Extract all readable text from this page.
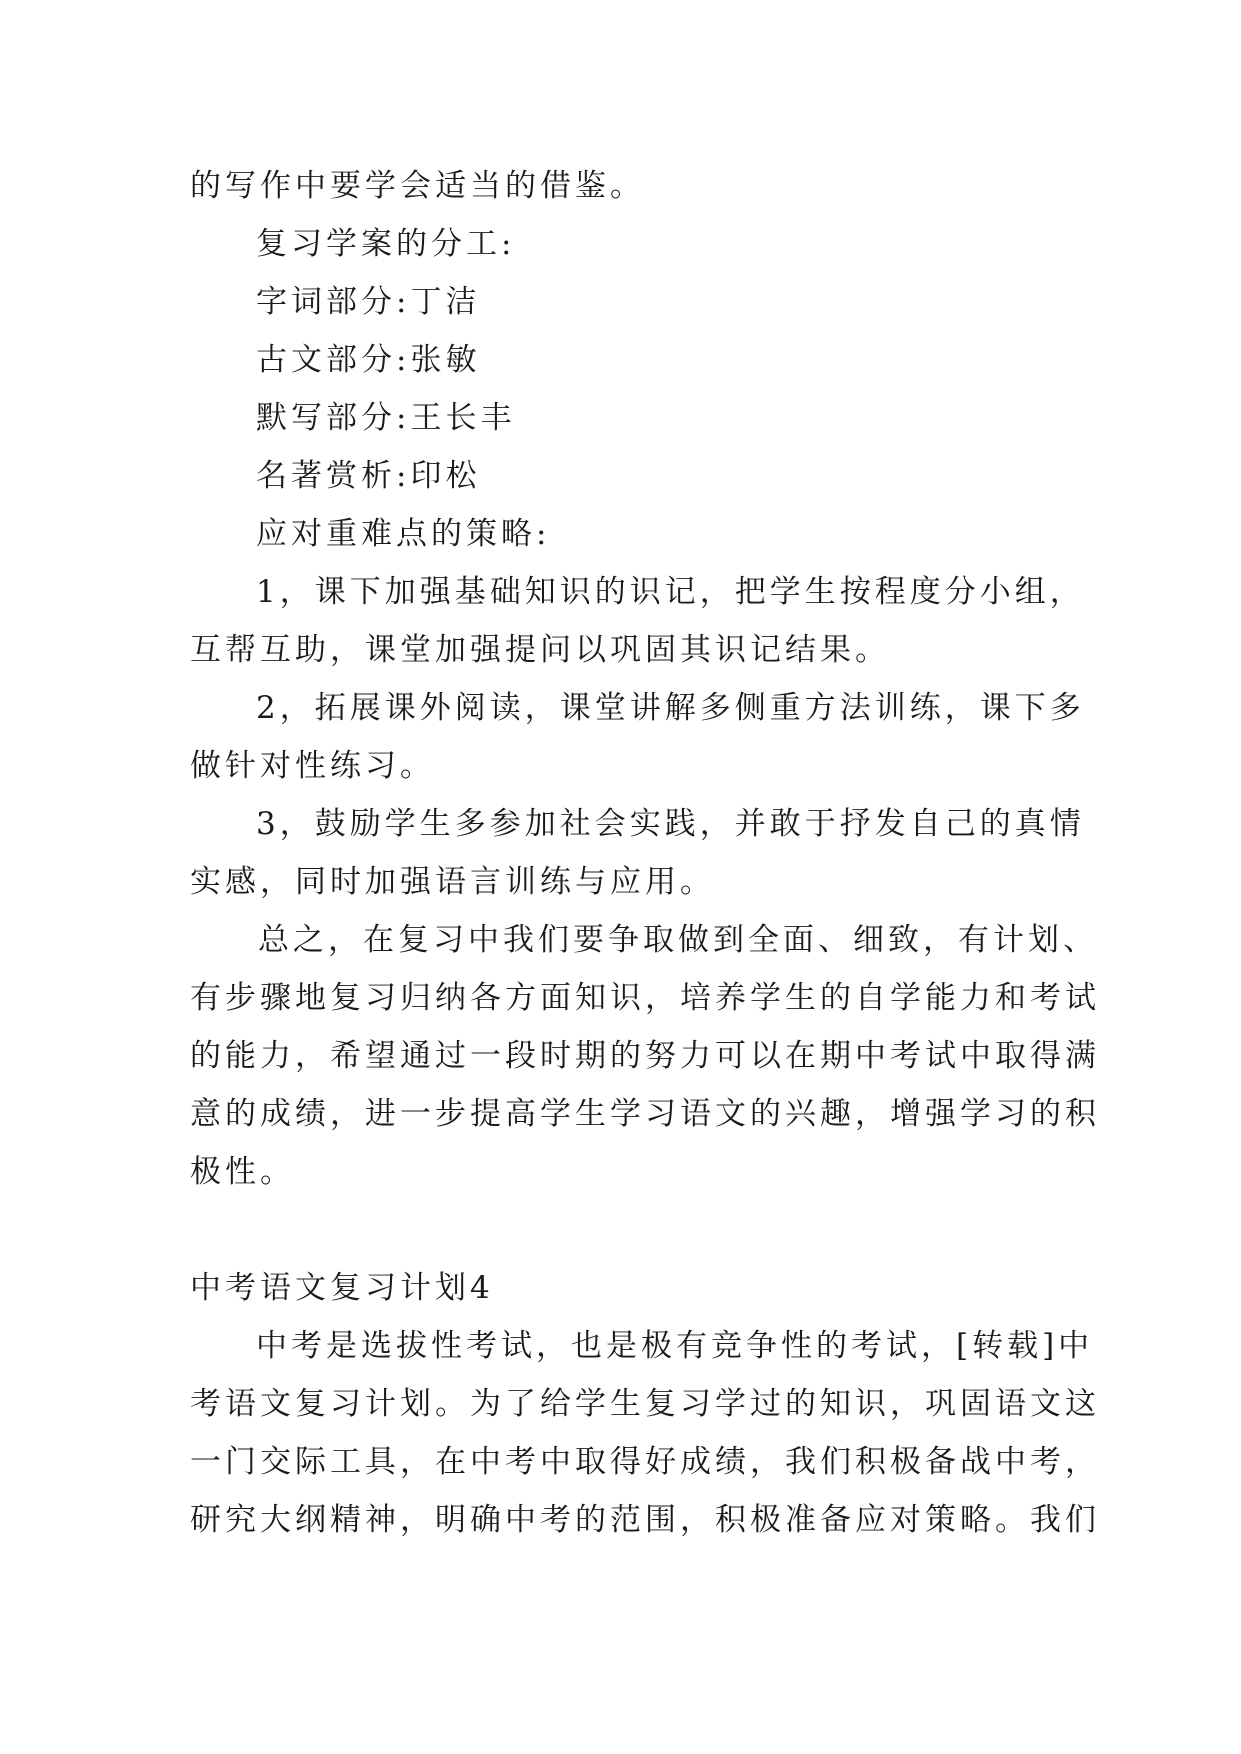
的写作中要学会适当的借鉴。
复习学案的分工:
字词部分:丁洁
古文部分:张敏
默写部分:王长丰
名著赏析:印松
应对重难点的策略:
1，课下加强基础知识的识记，把学生按程度分小组，
互帮互助，课堂加强提问以巩固其识记结果。
2，拓展课外阅读，课堂讲解多侧重方法训练，课下多
做针对性练习。
3，鼓励学生多参加社会实践，并敢于抒发自己的真情
实感，同时加强语言训练与应用。
总之，在复习中我们要争取做到全面、细致，有计划、
有步骤地复习归纳各方面知识，培养学生的自学能力和考试
的能力，希望通过一段时期的努力可以在期中考试中取得满
意的成绩，进一步提高学生学习语文的兴趣，增强学习的积
极性。
中考语文复习计划4
中考是选拔性考试，也是极有竞争性的考试，[转载]中
考语文复习计划。为了给学生复习学过的知识，巩固语文这
一门交际工具，在中考中取得好成绩，我们积极备战中考，
研究大纲精神，明确中考的范围，积极准备应对策略。我们
